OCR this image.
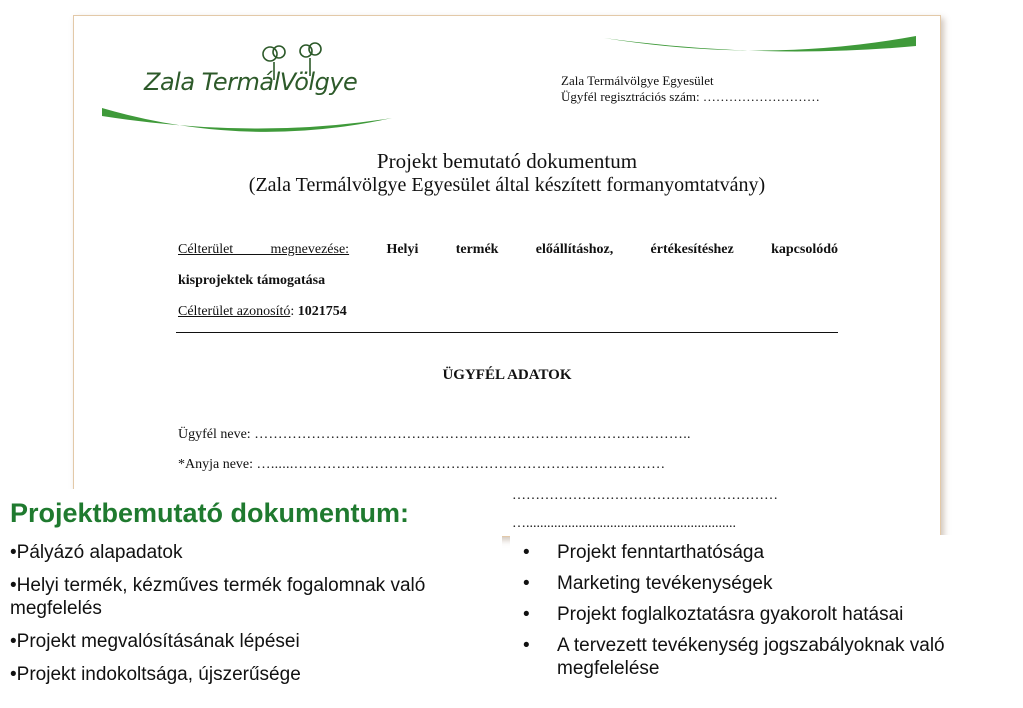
Zala TermálVölgye	Zala Termálvölgye Egyesület
Ügyfél regisztrációs szám: ………………………
Projekt bemutató dokumentum
(Zala Termálvölgye Egyesület által készített formanyomtatvány)
Célterület megnevezése:	Helyi termék előállításhoz, értékesítéshez kapcsolódó
kisprojektek támogatása
Célterület azonosító: 1021754
ÜGYFÉL ADATOK
Ügyfél neve: ………………………………………………………………………………..
*Anyja neve: …......……………………………………………………………………
…………………………………………………
…............................................................
Projektbemutató dokumentum:
•Pályázó alapadatok
•Helyi termék, kézműves termék fogalomnak való megfelelés
•Projekt megvalósításának lépései
•Projekt indokoltsága, újszerűsége
• Projekt fenntarthatósága
• Marketing tevékenységek
• Projekt foglalkoztatásra gyakorolt hatásai
• A tervezett tevékenység jogszabályoknak való megfelelése
